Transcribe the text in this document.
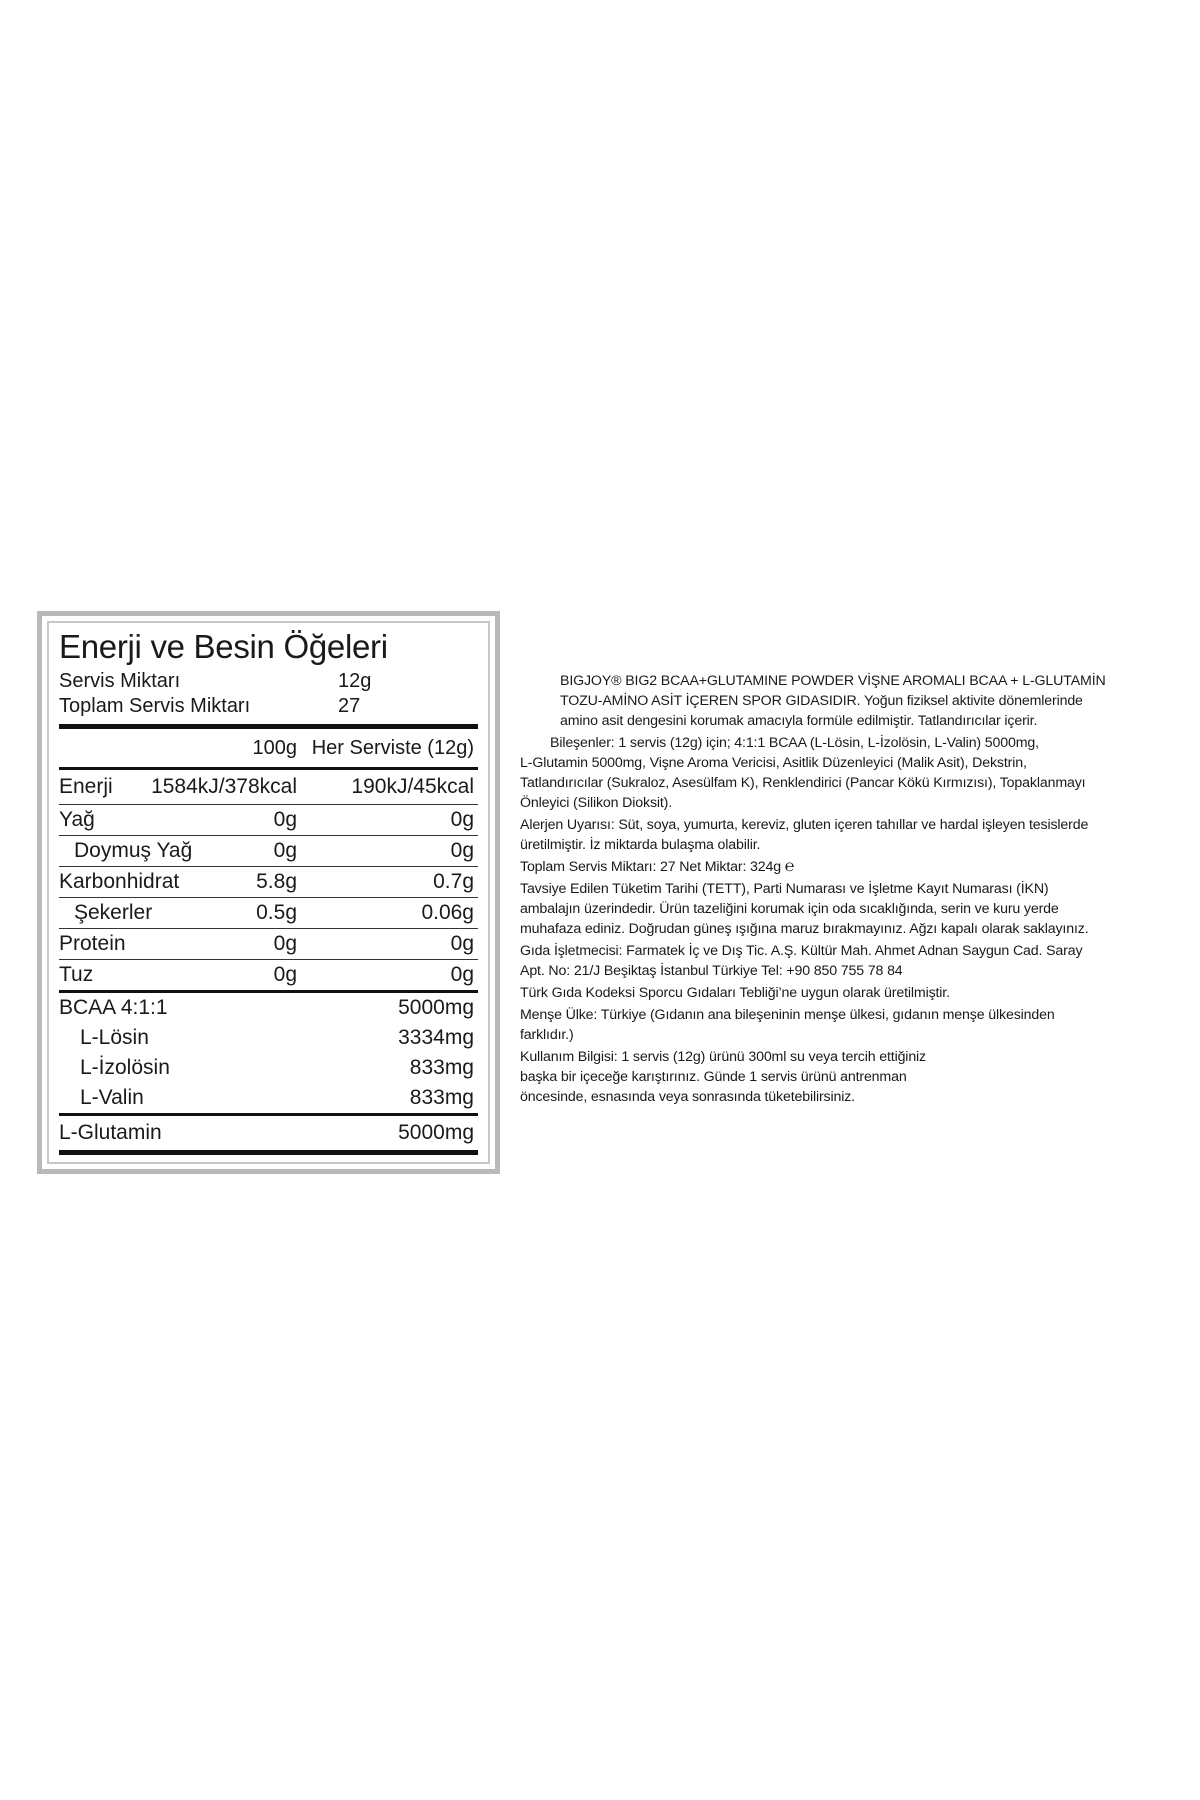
Enerji ve Besin Öğeleri
Servis Miktarı	12g
Toplam Servis Miktarı	27
100g Her Serviste (12g)
Enerji 1584kJ/378kcal	190kJ/45kcal
Yağ	0g	0g
Doymuş Yağ	0g	0g
Karbonhidrat	5.8g	0.7g
Şekerler	0.5g	0.06g
Protein	0g	0g
Tuz	0g	0g
BCAA 4:1:1	5000mg
L-Lösin	3334mg
L-İzolösin	833mg
L-Valin	833mg
L-Glutamin	5000mg

BIGJOY® BIG2 BCAA+GLUTAMINE POWDER VİŞNE AROMALI BCAA + L-GLUTAMİN

TOZU-AMİNO ASİT İÇEREN SPOR GIDASIDIR. Yoğun fiziksel aktivite dönemlerinde

amino asit dengesini korumak amacıyla formüle edilmiştir. Tatlandırıcılar içerir.

Bileşenler: 1 servis (12g) için; 4:1:1 BCAA (L-Lösin, L-İzolösin, L-Valin) 5000mg,

L-Glutamin 5000mg, Vişne Aroma Vericisi, Asitlik Düzenleyici (Malik Asit), Dekstrin,

Tatlandırıcılar (Sukraloz, Asesülfam K), Renklendirici (Pancar Kökü Kırmızısı), Topaklanmayı

Önleyici (Silikon Dioksit).

Alerjen Uyarısı: Süt, soya, yumurta, kereviz, gluten içeren tahıllar ve hardal işleyen tesislerde

üretilmiştir. İz miktarda bulaşma olabilir.

Toplam Servis Miktarı: 27 Net Miktar: 324g ℮

Tavsiye Edilen Tüketim Tarihi (TETT), Parti Numarası ve İşletme Kayıt Numarası (İKN)

ambalajın üzerindedir. Ürün tazeliğini korumak için oda sıcaklığında, serin ve kuru yerde

muhafaza ediniz. Doğrudan güneş ışığına maruz bırakmayınız. Ağzı kapalı olarak saklayınız.

Gıda İşletmecisi: Farmatek İç ve Dış Tic. A.Ş. Kültür Mah. Ahmet Adnan Saygun Cad. Saray

Apt. No: 21/J Beşiktaş İstanbul Türkiye Tel: +90 850 755 78 84

Türk Gıda Kodeksi Sporcu Gıdaları Tebliği’ne uygun olarak üretilmiştir.

Menşe Ülke: Türkiye (Gıdanın ana bileşeninin menşe ülkesi, gıdanın menşe ülkesinden

farklıdır.)

Kullanım Bilgisi: 1 servis (12g) ürünü 300ml su veya tercih ettiğiniz

başka bir içeceğe karıştırınız. Günde 1 servis ürünü antrenman

öncesinde, esnasında veya sonrasında tüketebilirsiniz.
